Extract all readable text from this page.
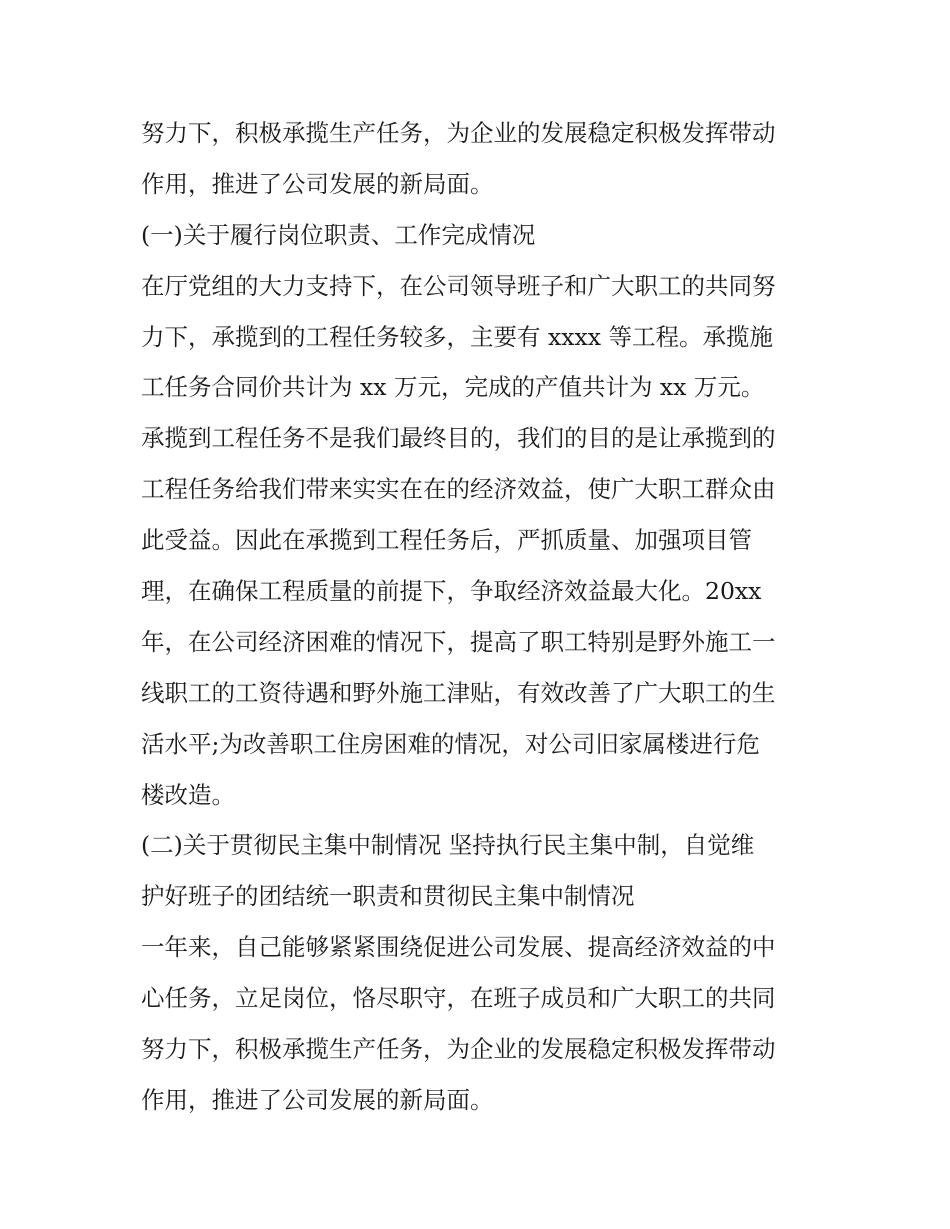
努力下，积极承揽生产任务，为企业的发展稳定积极发挥带动
作用，推进了公司发展的新局面。
(一)关于履行岗位职责、工作完成情况
在厅党组的大力支持下，在公司领导班子和广大职工的共同努
力下，承揽到的工程任务较多，主要有 xxxx 等工程。承揽施
工任务合同价共计为 xx 万元，完成的产值共计为 xx 万元。
承揽到工程任务不是我们最终目的，我们的目的是让承揽到的
工程任务给我们带来实实在在的经济效益，使广大职工群众由
此受益。因此在承揽到工程任务后，严抓质量、加强项目管
理，在确保工程质量的前提下，争取经济效益最大化。20xx
年，在公司经济困难的情况下，提高了职工特别是野外施工一
线职工的工资待遇和野外施工津贴，有效改善了广大职工的生
活水平;为改善职工住房困难的情况，对公司旧家属楼进行危
楼改造。
(二)关于贯彻民主集中制情况 坚持执行民主集中制，自觉维
护好班子的团结统一职责和贯彻民主集中制情况
一年来，自己能够紧紧围绕促进公司发展、提高经济效益的中
心任务，立足岗位，恪尽职守，在班子成员和广大职工的共同
努力下，积极承揽生产任务，为企业的发展稳定积极发挥带动
作用，推进了公司发展的新局面。
